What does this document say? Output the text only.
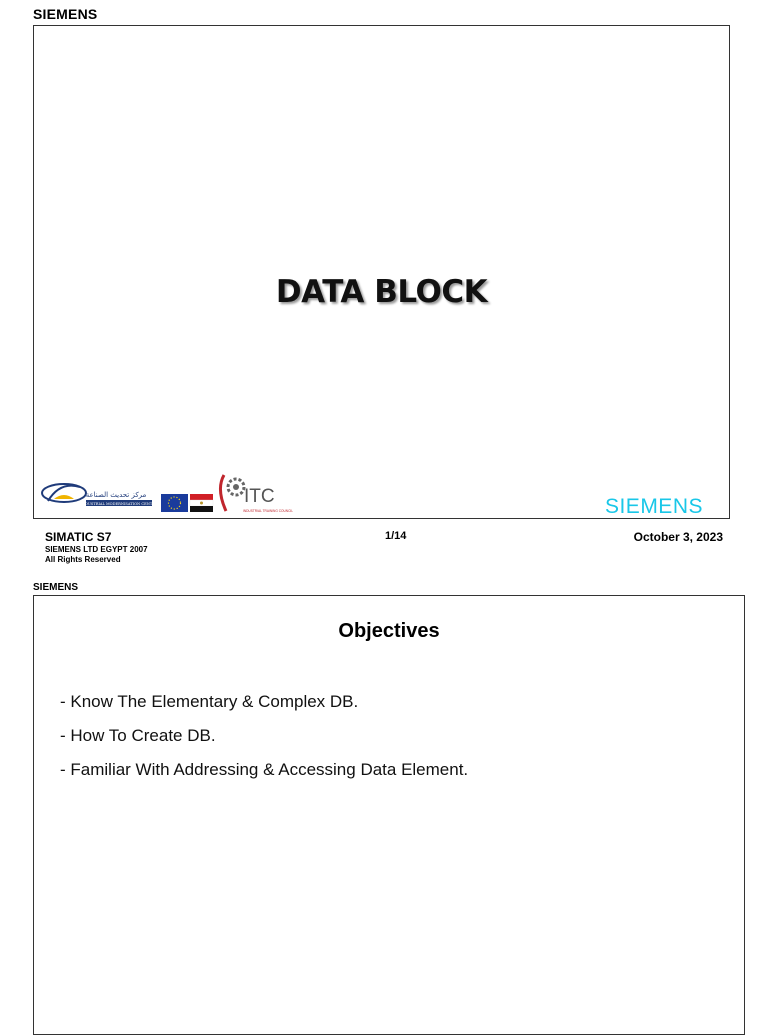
SIEMENS
DATA BLOCK
مركز تحديث الصناعة
INDUSTRIAL MODERNISATION CENTRE	ITC
INDUSTRIAL TRAINING COUNCIL	SIEMENS
SIMATIC S7
SIEMENS LTD EGYPT 2007
All Rights Reserved
1/14	October 3, 2023
SIEMENS
Objectives
- Know The Elementary & Complex DB.
- How To Create DB.
- Familiar With Addressing & Accessing Data Element.
